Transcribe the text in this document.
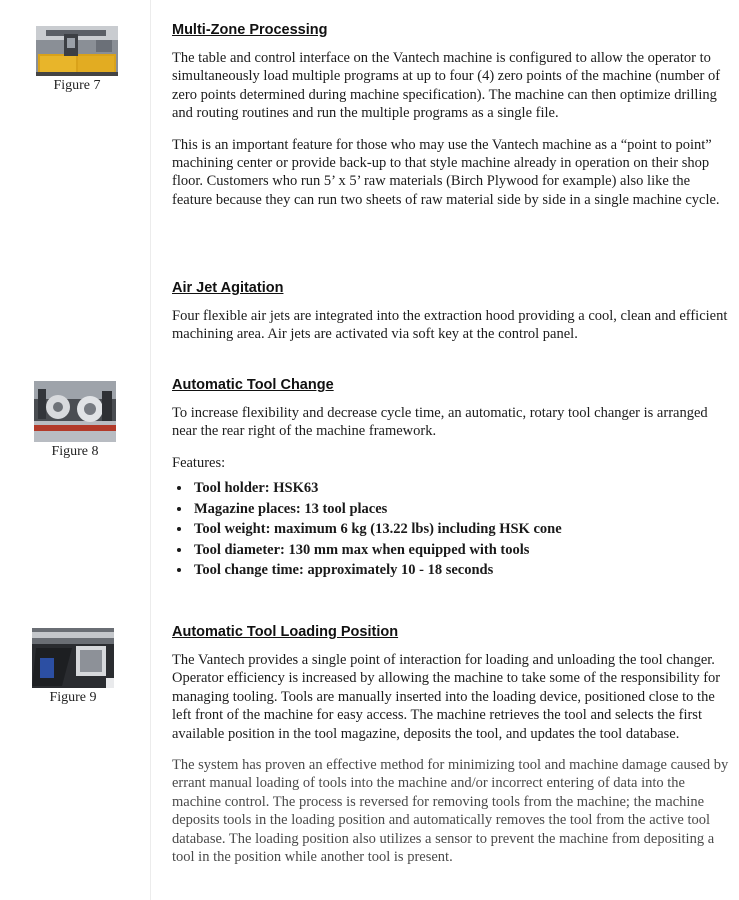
Figure 7
Figure 8
Figure 9
Multi-Zone Processing

The table and control interface on the Vantech machine is configured to allow the operator to simultaneously load multiple programs at up to four (4) zero points of the machine (number of zero points determined during machine specification). The machine can then optimize drilling and routing routines and run the multiple programs as a single file.

This is an important feature for those who may use the Vantech machine as a “point to point” machining center or provide back-up to that style machine already in operation on their shop floor. Customers who run 5’ x 5’ raw materials (Birch Plywood for example) also like the feature because they can run two sheets of raw material side by side in a single machine cycle.

Air Jet Agitation

Four flexible air jets are integrated into the extraction hood providing a cool, clean and efficient machining area. Air jets are activated via soft key at the control panel.

Automatic Tool Change

To increase flexibility and decrease cycle time, an automatic, rotary tool changer is arranged near the rear right of the machine framework.

Features:

• Tool holder: HSK63
• Magazine places: 13 tool places
• Tool weight: maximum 6 kg (13.22 lbs) including HSK cone
• Tool diameter: 130 mm max when equipped with tools
• Tool change time: approximately 10 - 18 seconds
Automatic Tool Loading Position

The Vantech provides a single point of interaction for loading and unloading the tool changer. Operator efficiency is increased by allowing the machine to take some of the responsibility for managing tooling. Tools are manually inserted into the loading device, positioned close to the left front of the machine for easy access. The machine retrieves the tool and selects the first available position in the tool magazine, deposits the tool, and updates the tool database.

The system has proven an effective method for minimizing tool and machine damage caused by errant manual loading of tools into the machine and/or incorrect entering of data into the machine control. The process is reversed for removing tools from the machine; the machine deposits tools in the loading position and automatically removes the tool from the active tool database. The loading position also utilizes a sensor to prevent the machine from depositing a tool in the position while another tool is present.
